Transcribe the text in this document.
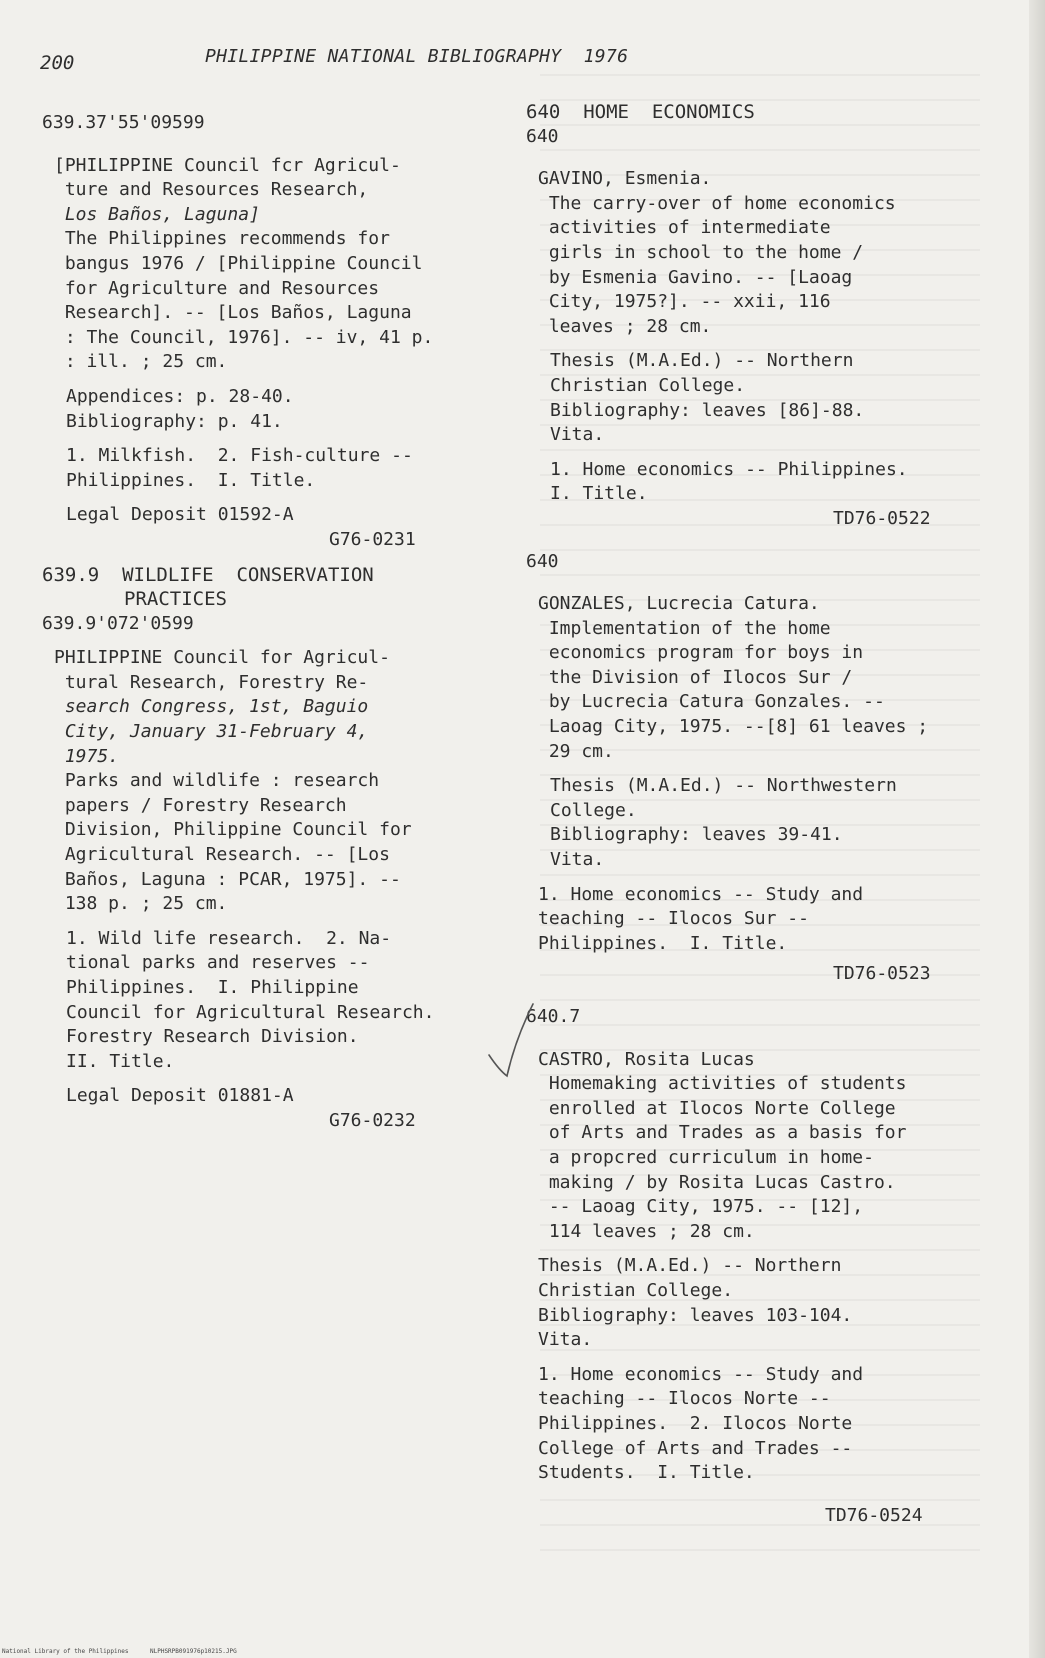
200	PHILIPPINE NATIONAL BIBLIOGRAPHY  1976
639.37'55'09599
[PHILIPPINE Council fcr Agricul-
ture and Resources Research,
Los Baños, Laguna]
The Philippines recommends for
bangus 1976 / [Philippine Council
for Agriculture and Resources
Research]. -- [Los Baños, Laguna
: The Council, 1976]. -- iv, 41 p.
: ill. ; 25 cm.
Appendices: p. 28-40.
Bibliography: p. 41.
1. Milkfish.  2. Fish-culture --
Philippines.  I. Title.
Legal Deposit 01592-A
G76-0231
639.9  WILDLIFE  CONSERVATION
PRACTICES
639.9'072'0599
PHILIPPINE Council for Agricul-
tural Research, Forestry Re-
search Congress, 1st, Baguio
City, January 31-February 4,
1975.
Parks and wildlife : research
papers / Forestry Research
Division, Philippine Council for
Agricultural Research. -- [Los
Baños, Laguna : PCAR, 1975]. --
138 p. ; 25 cm.
1. Wild life research.  2. Na-
tional parks and reserves --
Philippines.  I. Philippine
Council for Agricultural Research.
Forestry Research Division.
II. Title.
Legal Deposit 01881-A
G76-0232
640  HOME  ECONOMICS
640
GAVINO, Esmenia.
The carry-over of home economics
activities of intermediate
girls in school to the home /
by Esmenia Gavino. -- [Laoag
City, 1975?]. -- xxii, 116
leaves ; 28 cm.
Thesis (M.A.Ed.) -- Northern
Christian College.
Bibliography: leaves [86]-88.
Vita.
1. Home economics -- Philippines.
I. Title.
TD76-0522
640
GONZALES, Lucrecia Catura.
Implementation of the home
economics program for boys in
the Division of Ilocos Sur /
by Lucrecia Catura Gonzales. --
Laoag City, 1975. --[8] 61 leaves ;
29 cm.
Thesis (M.A.Ed.) -- Northwestern
College.
Bibliography: leaves 39-41.
Vita.
1. Home economics -- Study and
teaching -- Ilocos Sur --
Philippines.  I. Title.
TD76-0523
640.7
CASTRO, Rosita Lucas
Homemaking activities of students
enrolled at Ilocos Norte College
of Arts and Trades as a basis for
a propcred curriculum in home-
making / by Rosita Lucas Castro.
-- Laoag City, 1975. -- [12],
114 leaves ; 28 cm.
Thesis (M.A.Ed.) -- Northern
Christian College.
Bibliography: leaves 103-104.
Vita.
1. Home economics -- Study and
teaching -- Ilocos Norte --
Philippines.  2. Ilocos Norte
College of Arts and Trades --
Students.  I. Title.
TD76-0524
National Library of the Philippines	NLPHSRPB091976p10215.JPG
